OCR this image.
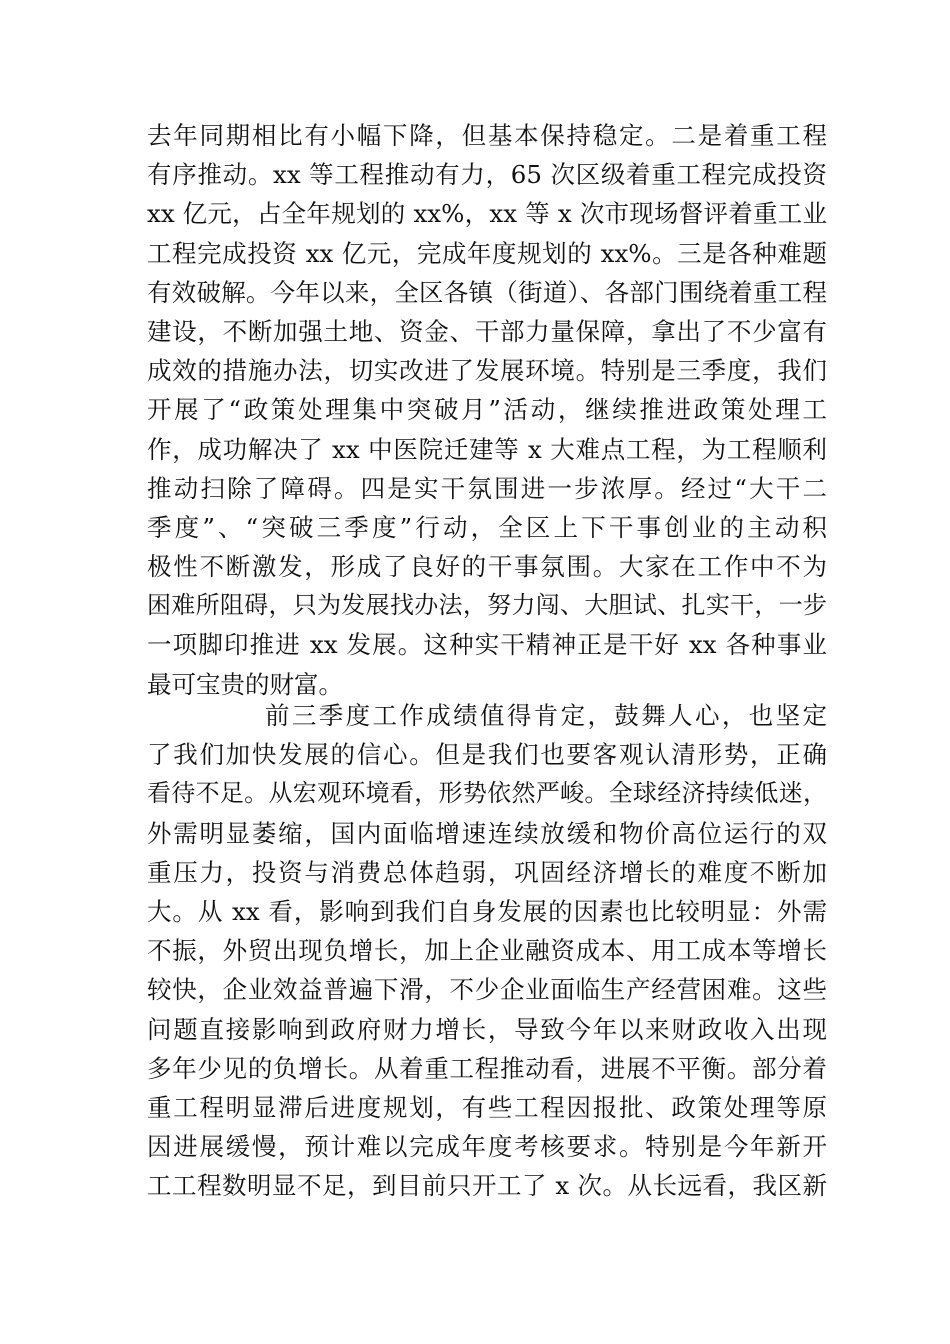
去年同期相比有小幅下降，但基本保持稳定。二是着重工程
有序推动。xx 等工程推动有力，65 次区级着重工程完成投资
xx 亿元，占全年规划的 xx%，xx 等 x 次市现场督评着重工业
工程完成投资 xx 亿元，完成年度规划的 xx%。三是各种难题
有效破解。今年以来，全区各镇（街道）、各部门围绕着重工程
建设，不断加强土地、资金、干部力量保障，拿出了不少富有
成效的措施办法，切实改进了发展环境。特别是三季度，我们
开展了“政策处理集中突破月”活动，继续推进政策处理工
作，成功解决了 xx 中医院迁建等 x 大难点工程，为工程顺利
推动扫除了障碍。四是实干氛围进一步浓厚。经过“大干二
季度”、“突破三季度”行动，全区上下干事创业的主动积
极性不断激发，形成了良好的干事氛围。大家在工作中不为
困难所阻碍，只为发展找办法，努力闯、大胆试、扎实干，一步
一项脚印推进 xx 发展。这种实干精神正是干好 xx 各种事业
最可宝贵的财富。
前三季度工作成绩值得肯定，鼓舞人心，也坚定
了我们加快发展的信心。但是我们也要客观认清形势，正确
看待不足。从宏观环境看，形势依然严峻。全球经济持续低迷，
外需明显萎缩，国内面临增速连续放缓和物价高位运行的双
重压力，投资与消费总体趋弱，巩固经济增长的难度不断加
大。从 xx 看，影响到我们自身发展的因素也比较明显：外需
不振，外贸出现负增长，加上企业融资成本、用工成本等增长
较快，企业效益普遍下滑，不少企业面临生产经营困难。这些
问题直接影响到政府财力增长，导致今年以来财政收入出现
多年少见的负增长。从着重工程推动看，进展不平衡。部分着
重工程明显滞后进度规划，有些工程因报批、政策处理等原
因进展缓慢，预计难以完成年度考核要求。特别是今年新开
工工程数明显不足，到目前只开工了 x 次。从长远看，我区新
